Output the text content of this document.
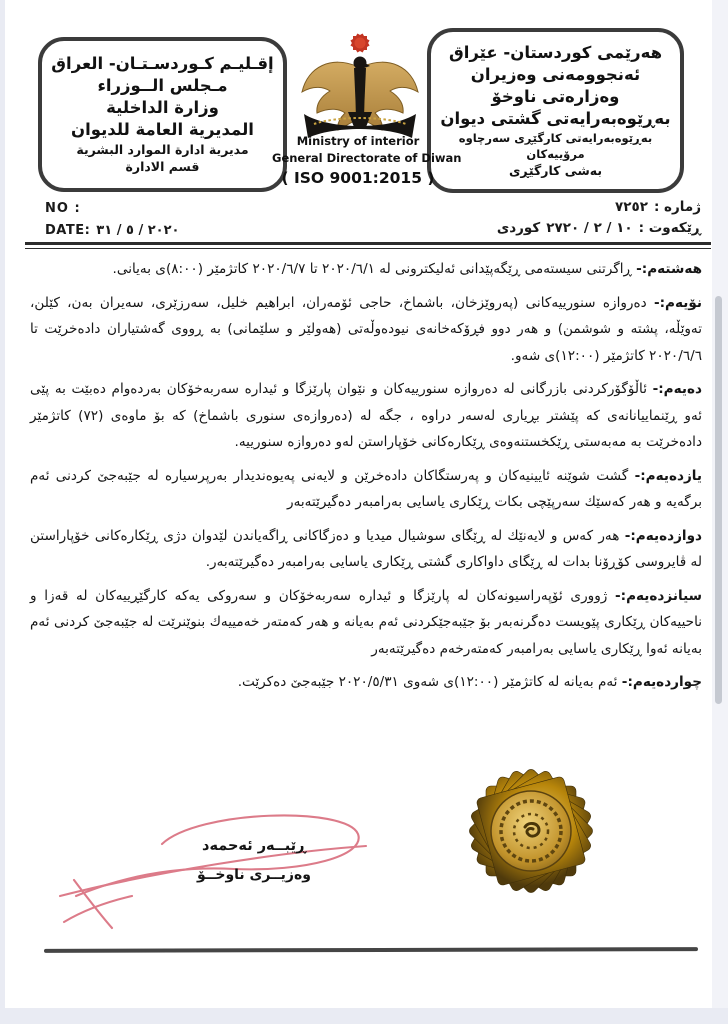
إقـليـم كـوردسـتـان- العراق
مـجلس الــوزراء
وزارة الداخلية
المديرية العامة للديوان
مديرية ادارة الموارد البشرية
قسم الادارة
هەرێمی کوردستان- عێراق
ئەنجوومەنی وەزیران
وەزارەتی ناوخۆ
بەڕێوەبەرایەتی گشتی دیوان
بەڕێوەبەرایەتی کارگێڕی سەرچاوە مرۆییەکان
بەشی کارگێڕی
Ministry of interior
General Directorate of Diwan
( ISO 9001:2015 )
NO :
DATE: ٢٠٢٠ / ٥ / ٣١
ژمارە :
٧٢٥٢
ڕێکەوت :
١٠ / ٢ / ٢٧٢٠
کوردی

هەشتەم:- ڕاگرتنی سیستەمی ڕێگەپێدانی ئەلیکترونی لە ٢٠٢٠/٦/١ تا ٢٠٢٠/٦/٧ کاتژمێر (٨:٠٠)ی بەیانی.

نۆیەم:- دەروازە سنورییەکانی (پەروێزخان، باشماخ، حاجی ئۆمەران، ابراهیم خلیل، سەرزێری، سەیران بەن، کێلن، تەوێڵە، پشتە و شوشمن) و هەر دوو فڕۆکەخانەی نیودەوڵەتی (هەولێر و سلێمانی) بە ڕووی گەشتیاران دادەخرێت تا ٢٠٢٠/٦/٦ کاتژمێر (١٢:٠٠)ی شەو.

دەیەم:- ئاڵۆگۆرکردنی بازرگانی لە دەروازە سنورییەکان و نێوان پارێزگا و ئیدارە سەربەخۆکان بەردەوام دەبێت بە پێی ئەو ڕێنماییانانەی کە پێشتر بڕیاری لەسەر دراوە ، جگە لە (دەروازەی سنوری باشماخ) کە بۆ ماوەی (٧٢) کاتژمێر دادەخرێت بە مەبەستی ڕێکخستنەوەی ڕێکارەکانی خۆپاراستن لەو دەروازە سنورییە.

یازدەیەم:- گشت شوێنە ئایینیەکان و پەرستگاکان دادەخرێن و لایەنی پەیوەندیدار بەرپرسیارە لە جێبەجێ کردنی ئەم برگەیە و هەر کەسێك سەرپێچی بکات ڕێکاری یاسایی بەرامبەر دەگیرێتەبەر

دوازدەیەم:- هەر کەس و لایەنێك لە ڕێگای سوشیال میدیا و دەزگاکانی ڕاگەیاندن لێدوان دژی ڕێکارەکانی خۆپاراستن لە ڤایروسی کۆڕۆنا بدات لە ڕێگای داواکاری گشتی ڕێکاری یاسایی بەرامبەر دەگیرێتەبەر.

سیانزدەیەم:- ژووری ئۆپەراسیونەکان لە پارێزگا و ئیدارە سەربەخۆکان و سەروکی یەکە کارگێڕییەکان لە قەزا و ناحییەکان ڕێکاری پێویست دەگرنەبەر بۆ جێبەجێکردنی ئەم بەیانە و هەر کەمتەر خەمییەك بنوێنرێت لە جێبەجێ کردنی ئەم بەیانە ئەوا ڕێکاری یاسایی بەرامبەر کەمتەرخەم دەگیرێتەبەر

چواردەیەم:- ئەم بەیانە لە کاتژمێر (١٢:٠٠)ی شەوی ٢٠٢٠/٥/٣١ جێبەجێ دەکرێت.

ڕێبــەر ئەحمەد
وەزیــری ناوخــۆ
